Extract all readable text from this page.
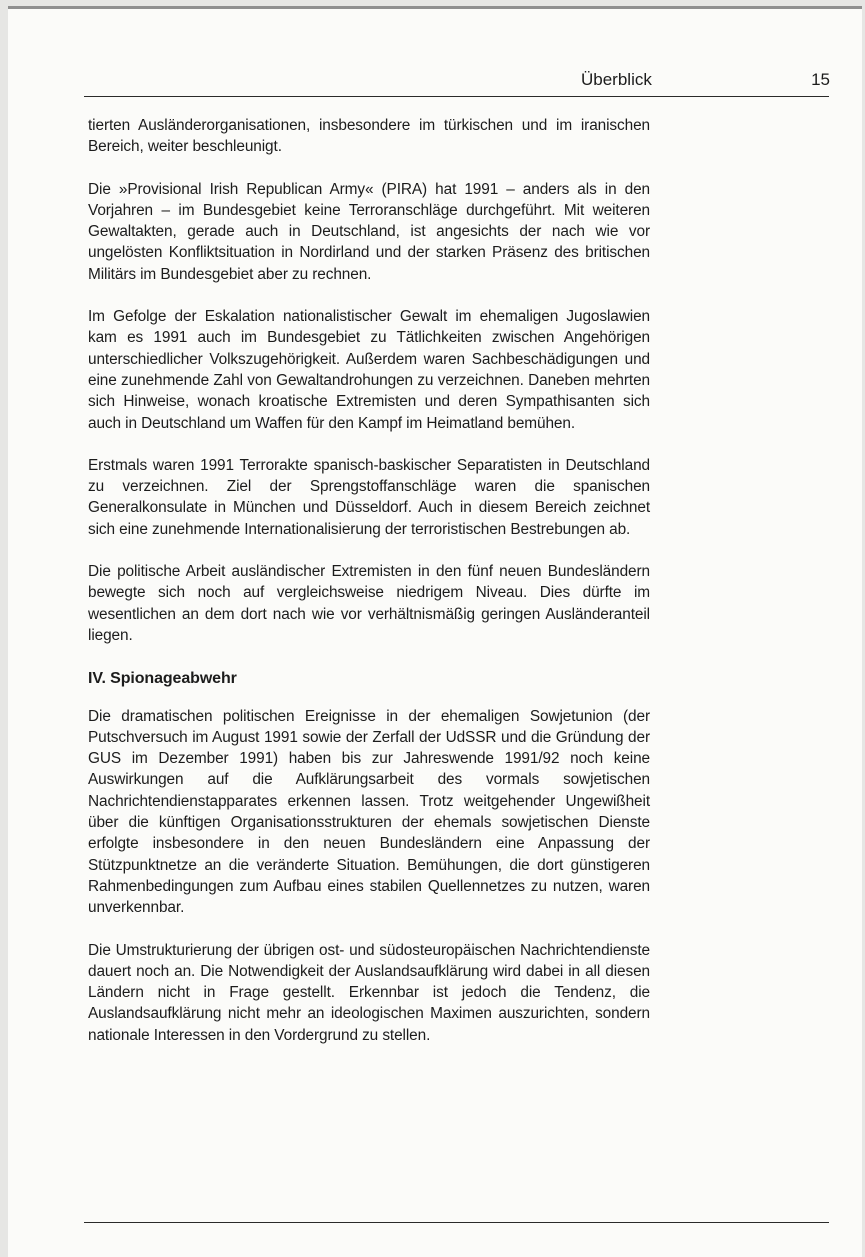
Überblick	15

tierten Ausländerorganisationen, insbesondere im türkischen und im iranischen Bereich, weiter beschleunigt.

Die »Provisional Irish Republican Army« (PIRA) hat 1991 – anders als in den Vorjahren – im Bundesgebiet keine Terroranschläge durchgeführt. Mit weiteren Gewaltakten, gerade auch in Deutschland, ist angesichts der nach wie vor ungelösten Konfliktsituation in Nordirland und der starken Präsenz des britischen Militärs im Bundesgebiet aber zu rechnen.

Im Gefolge der Eskalation nationalistischer Gewalt im ehemaligen Jugoslawien kam es 1991 auch im Bundesgebiet zu Tätlichkeiten zwischen Angehörigen unterschiedlicher Volkszugehörigkeit. Außerdem waren Sachbeschädigungen und eine zunehmende Zahl von Gewaltandrohungen zu verzeichnen. Daneben mehrten sich Hinweise, wonach kroatische Extremisten und deren Sympathisanten sich auch in Deutschland um Waffen für den Kampf im Heimatland bemühen.

Erstmals waren 1991 Terrorakte spanisch-baskischer Separatisten in Deutschland zu verzeichnen. Ziel der Sprengstoffanschläge waren die spanischen Generalkonsulate in München und Düsseldorf. Auch in diesem Bereich zeichnet sich eine zunehmende Internationalisierung der terroristischen Bestrebungen ab.

Die politische Arbeit ausländischer Extremisten in den fünf neuen Bundesländern bewegte sich noch auf vergleichsweise niedrigem Niveau. Dies dürfte im wesentlichen an dem dort nach wie vor verhältnismäßig geringen Ausländeranteil liegen.

IV. Spionageabwehr

Die dramatischen politischen Ereignisse in der ehemaligen Sowjetunion (der Putschversuch im August 1991 sowie der Zerfall der UdSSR und die Gründung der GUS im Dezember 1991) haben bis zur Jahreswende 1991/92 noch keine Auswirkungen auf die Aufklärungsarbeit des vormals sowjetischen Nachrichtendienstapparates erkennen lassen. Trotz weitgehender Ungewißheit über die künftigen Organisationsstrukturen der ehemals sowjetischen Dienste erfolgte insbesondere in den neuen Bundesländern eine Anpassung der Stützpunktnetze an die veränderte Situation. Bemühungen, die dort günstigeren Rahmenbedingungen zum Aufbau eines stabilen Quellennetzes zu nutzen, waren unverkennbar.

Die Umstrukturierung der übrigen ost- und südosteuropäischen Nachrichtendienste dauert noch an. Die Notwendigkeit der Auslandsaufklärung wird dabei in all diesen Ländern nicht in Frage gestellt. Erkennbar ist jedoch die Tendenz, die Auslandsaufklärung nicht mehr an ideologischen Maximen auszurichten, sondern nationale Interessen in den Vordergrund zu stellen.
